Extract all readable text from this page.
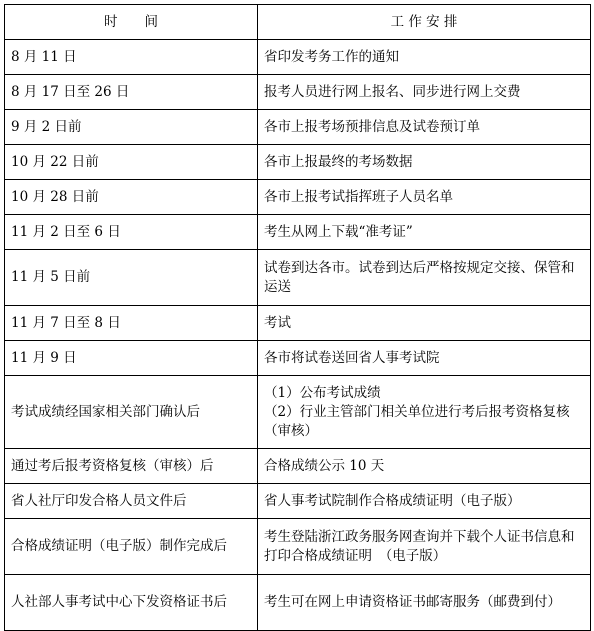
时　　间	工 作 安 排
8 月 11 日	省印发考务工作的通知
8 月 17 日至 26 日	报考人员进行网上报名、同步进行网上交费
9 月 2 日前	各市上报考场预排信息及试卷预订单
10 月 22 日前	各市上报最终的考场数据
10 月 28 日前	各市上报考试指挥班子人员名单
11 月 2 日至 6 日	考生从网上下载“准考证”
11 月 5 日前	试卷到达各市。试卷到达后严格按规定交接、保管和运送
11 月 7 日至 8 日	考试
11 月 9 日	各市将试卷送回省人事考试院
考试成绩经国家相关部门确认后	（1）公布考试成绩
（2）行业主管部门相关单位进行考后报考资格复核（审核）
通过考后报考资格复核（审核）后	合格成绩公示 10 天
省人社厅印发合格人员文件后	省人事考试院制作合格成绩证明（电子版）
合格成绩证明（电子版）制作完成后	考生登陆浙江政务服务网查询并下载个人证书信息和打印合格成绩证明　（电子版）
人社部人事考试中心下发资格证书后	考生可在网上申请资格证书邮寄服务（邮费到付）
